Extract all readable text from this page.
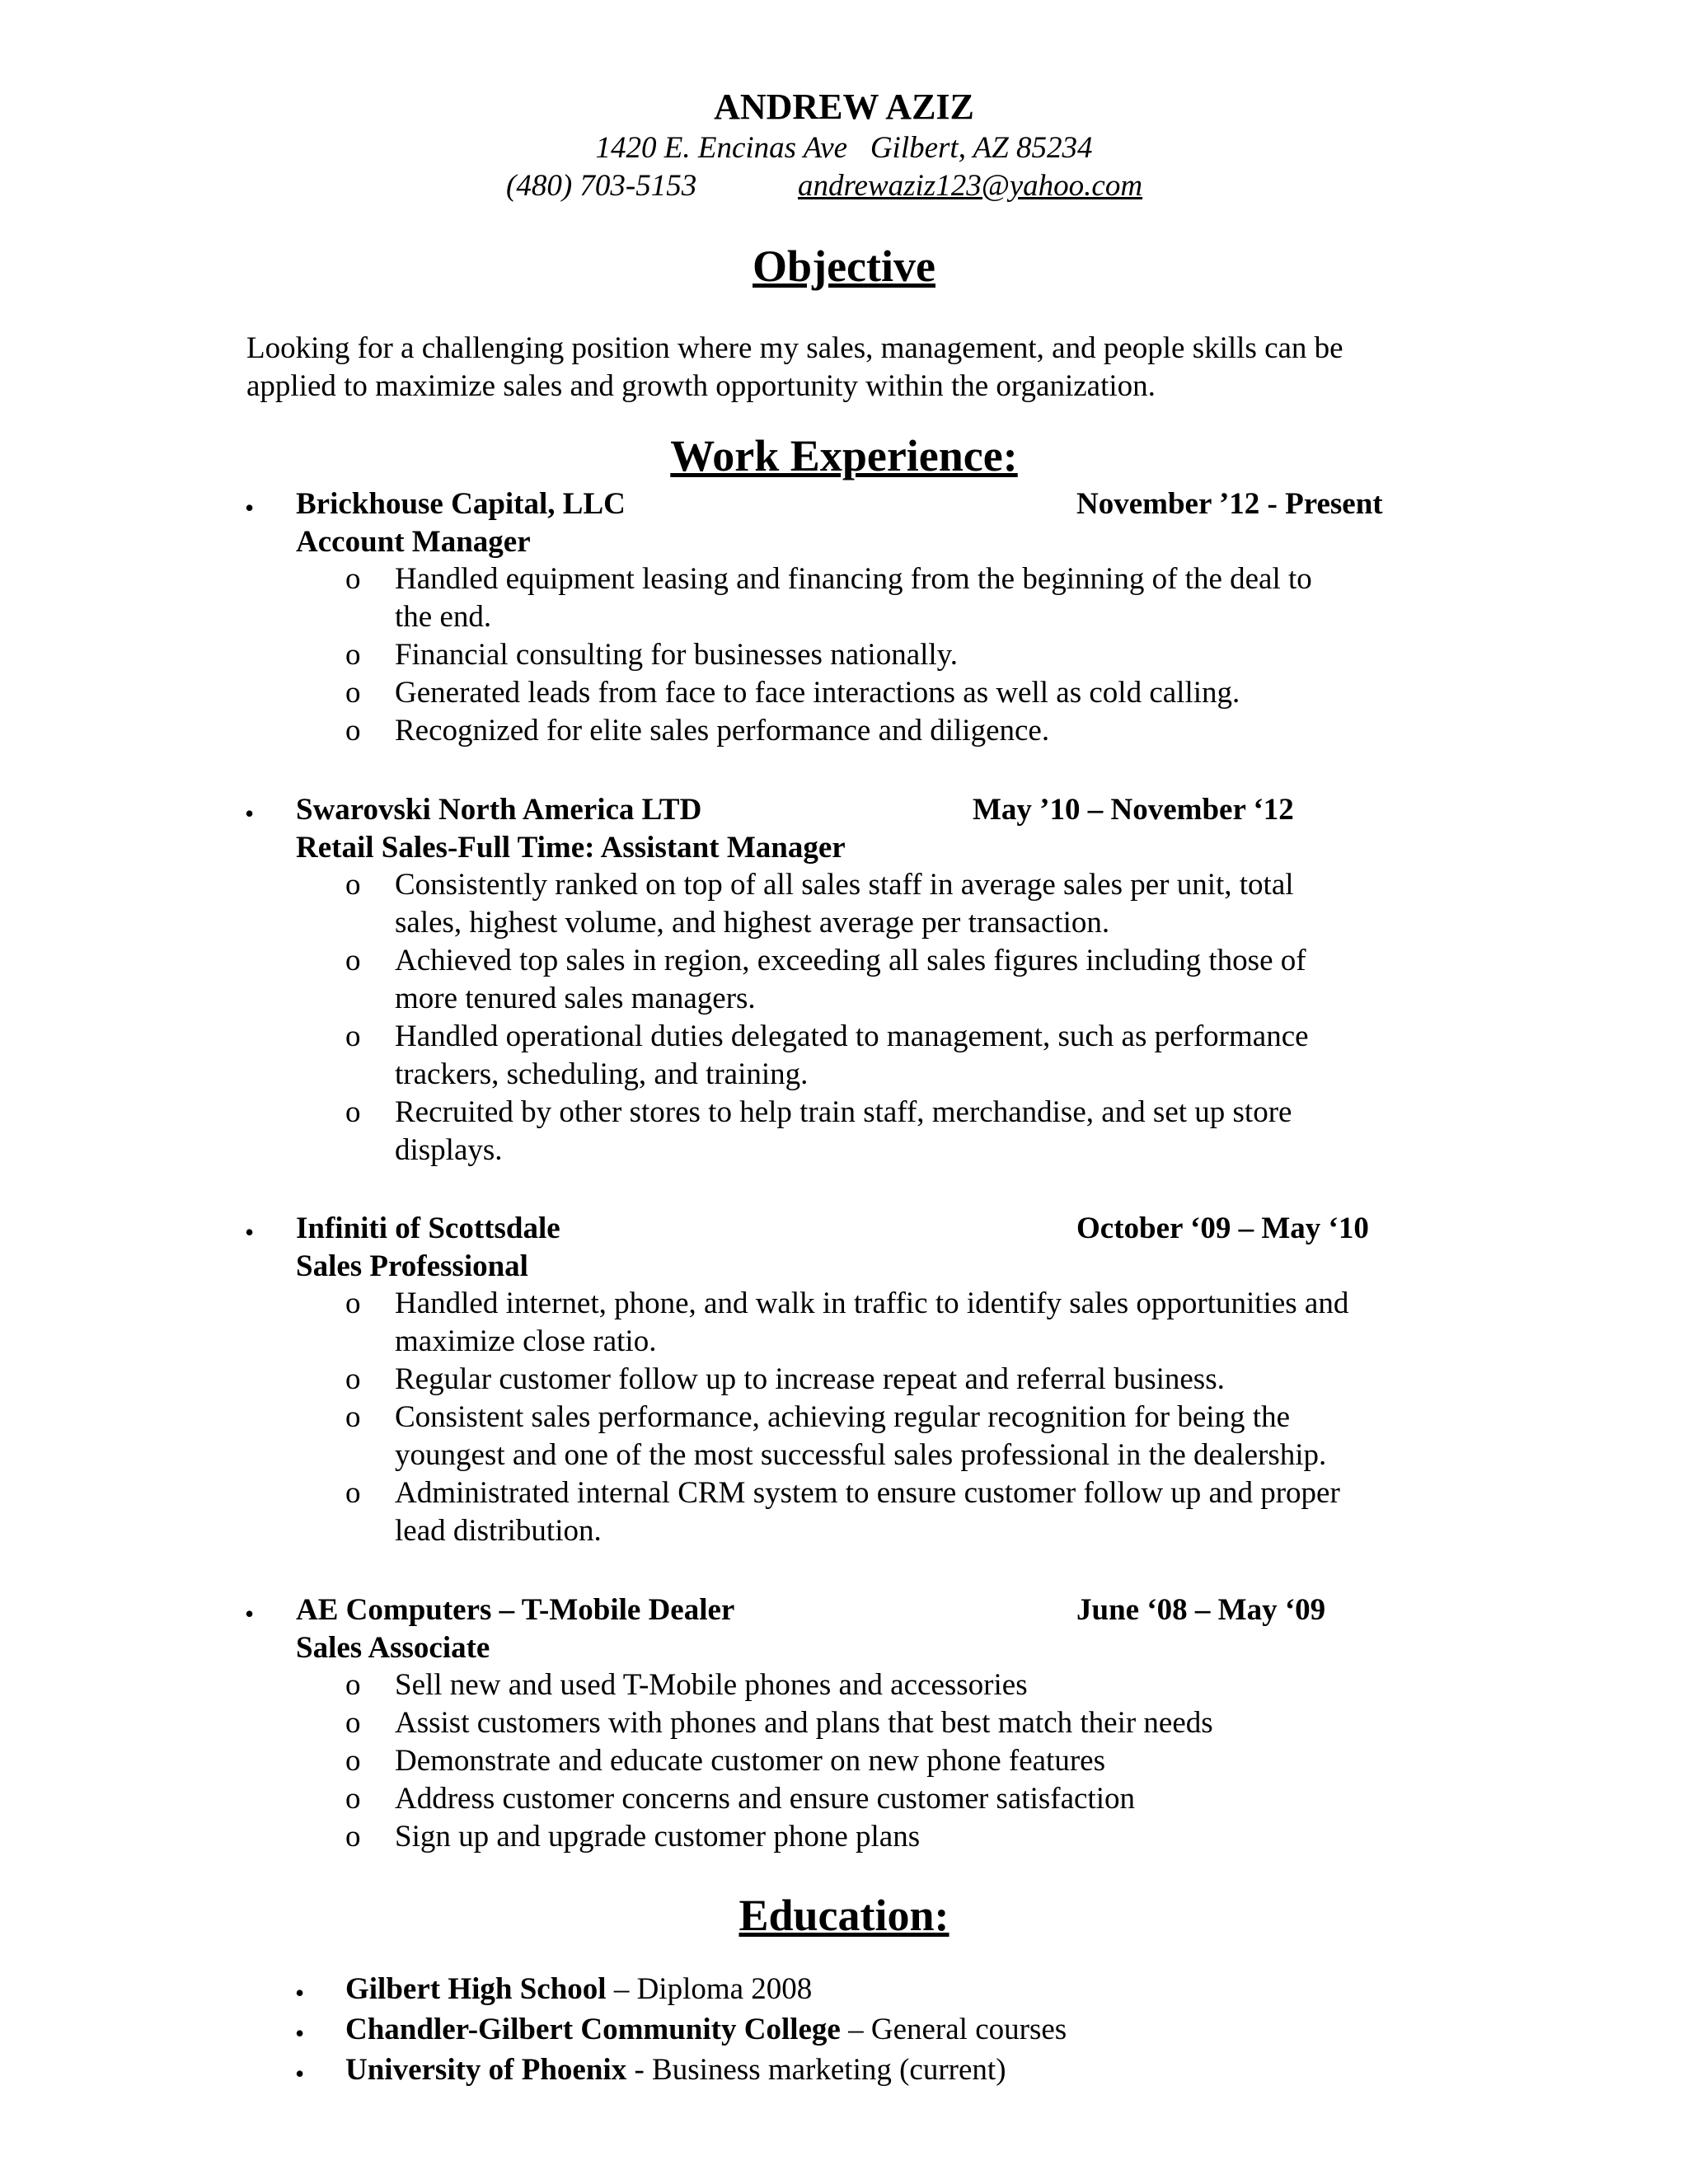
ANDREW AZIZ
1420 E. Encinas Ave   Gilbert, AZ 85234
(480) 703-5153	andrewaziz123@yahoo.com
Objective
Looking for a challenging position where my sales, management, and people skills can be
applied to maximize sales and growth opportunity within the organization.
Work Experience:
• Brickhouse Capital, LLC	November ’12 - Present
Account Manager
o Handled equipment leasing and financing from the beginning of the deal to
the end.
o Financial consulting for businesses nationally.
o Generated leads from face to face interactions as well as cold calling.
o Recognized for elite sales performance and diligence.
• Swarovski North America LTD	May ’10 – November ‘12
Retail Sales-Full Time: Assistant Manager
o Consistently ranked on top of all sales staff in average sales per unit, total
sales, highest volume, and highest average per transaction.
o Achieved top sales in region, exceeding all sales figures including those of
more tenured sales managers.
o Handled operational duties delegated to management, such as performance
trackers, scheduling, and training.
o Recruited by other stores to help train staff, merchandise, and set up store
displays.
• Infiniti of Scottsdale	October ‘09 – May ‘10
Sales Professional
o Handled internet, phone, and walk in traffic to identify sales opportunities and
maximize close ratio.
o Regular customer follow up to increase repeat and referral business.
o Consistent sales performance, achieving regular recognition for being the
youngest and one of the most successful sales professional in the dealership.
o Administrated internal CRM system to ensure customer follow up and proper
lead distribution.
• AE Computers – T-Mobile Dealer	June ‘08 – May ‘09
Sales Associate
o Sell new and used T-Mobile phones and accessories
o Assist customers with phones and plans that best match their needs
o Demonstrate and educate customer on new phone features
o Address customer concerns and ensure customer satisfaction
o Sign up and upgrade customer phone plans
Education:
• Gilbert High School – Diploma 2008
• Chandler-Gilbert Community College – General courses
• University of Phoenix - Business marketing (current)
